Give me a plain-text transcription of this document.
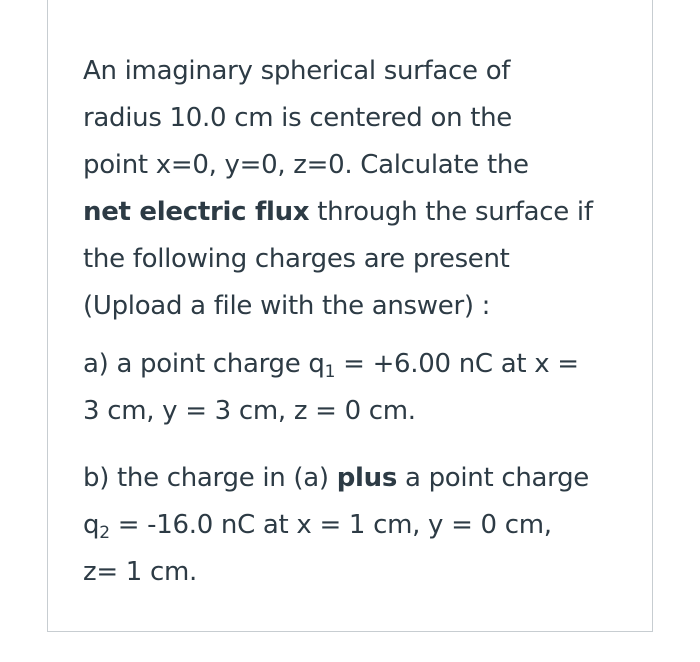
An imaginary spherical surface of
radius 10.0 cm is centered on the
point x=0, y=0, z=0. Calculate the
net electric flux through the surface if
the following charges are present
(Upload a file with the answer) :

a) a point charge $q_1 = +6.00$ nC at x =
3 cm, y = 3 cm, z = 0 cm.

b) the charge in (a) plus a point charge
$q_2 = -16.0$ nC at x = 1 cm, y = 0 cm,
z= 1 cm.
